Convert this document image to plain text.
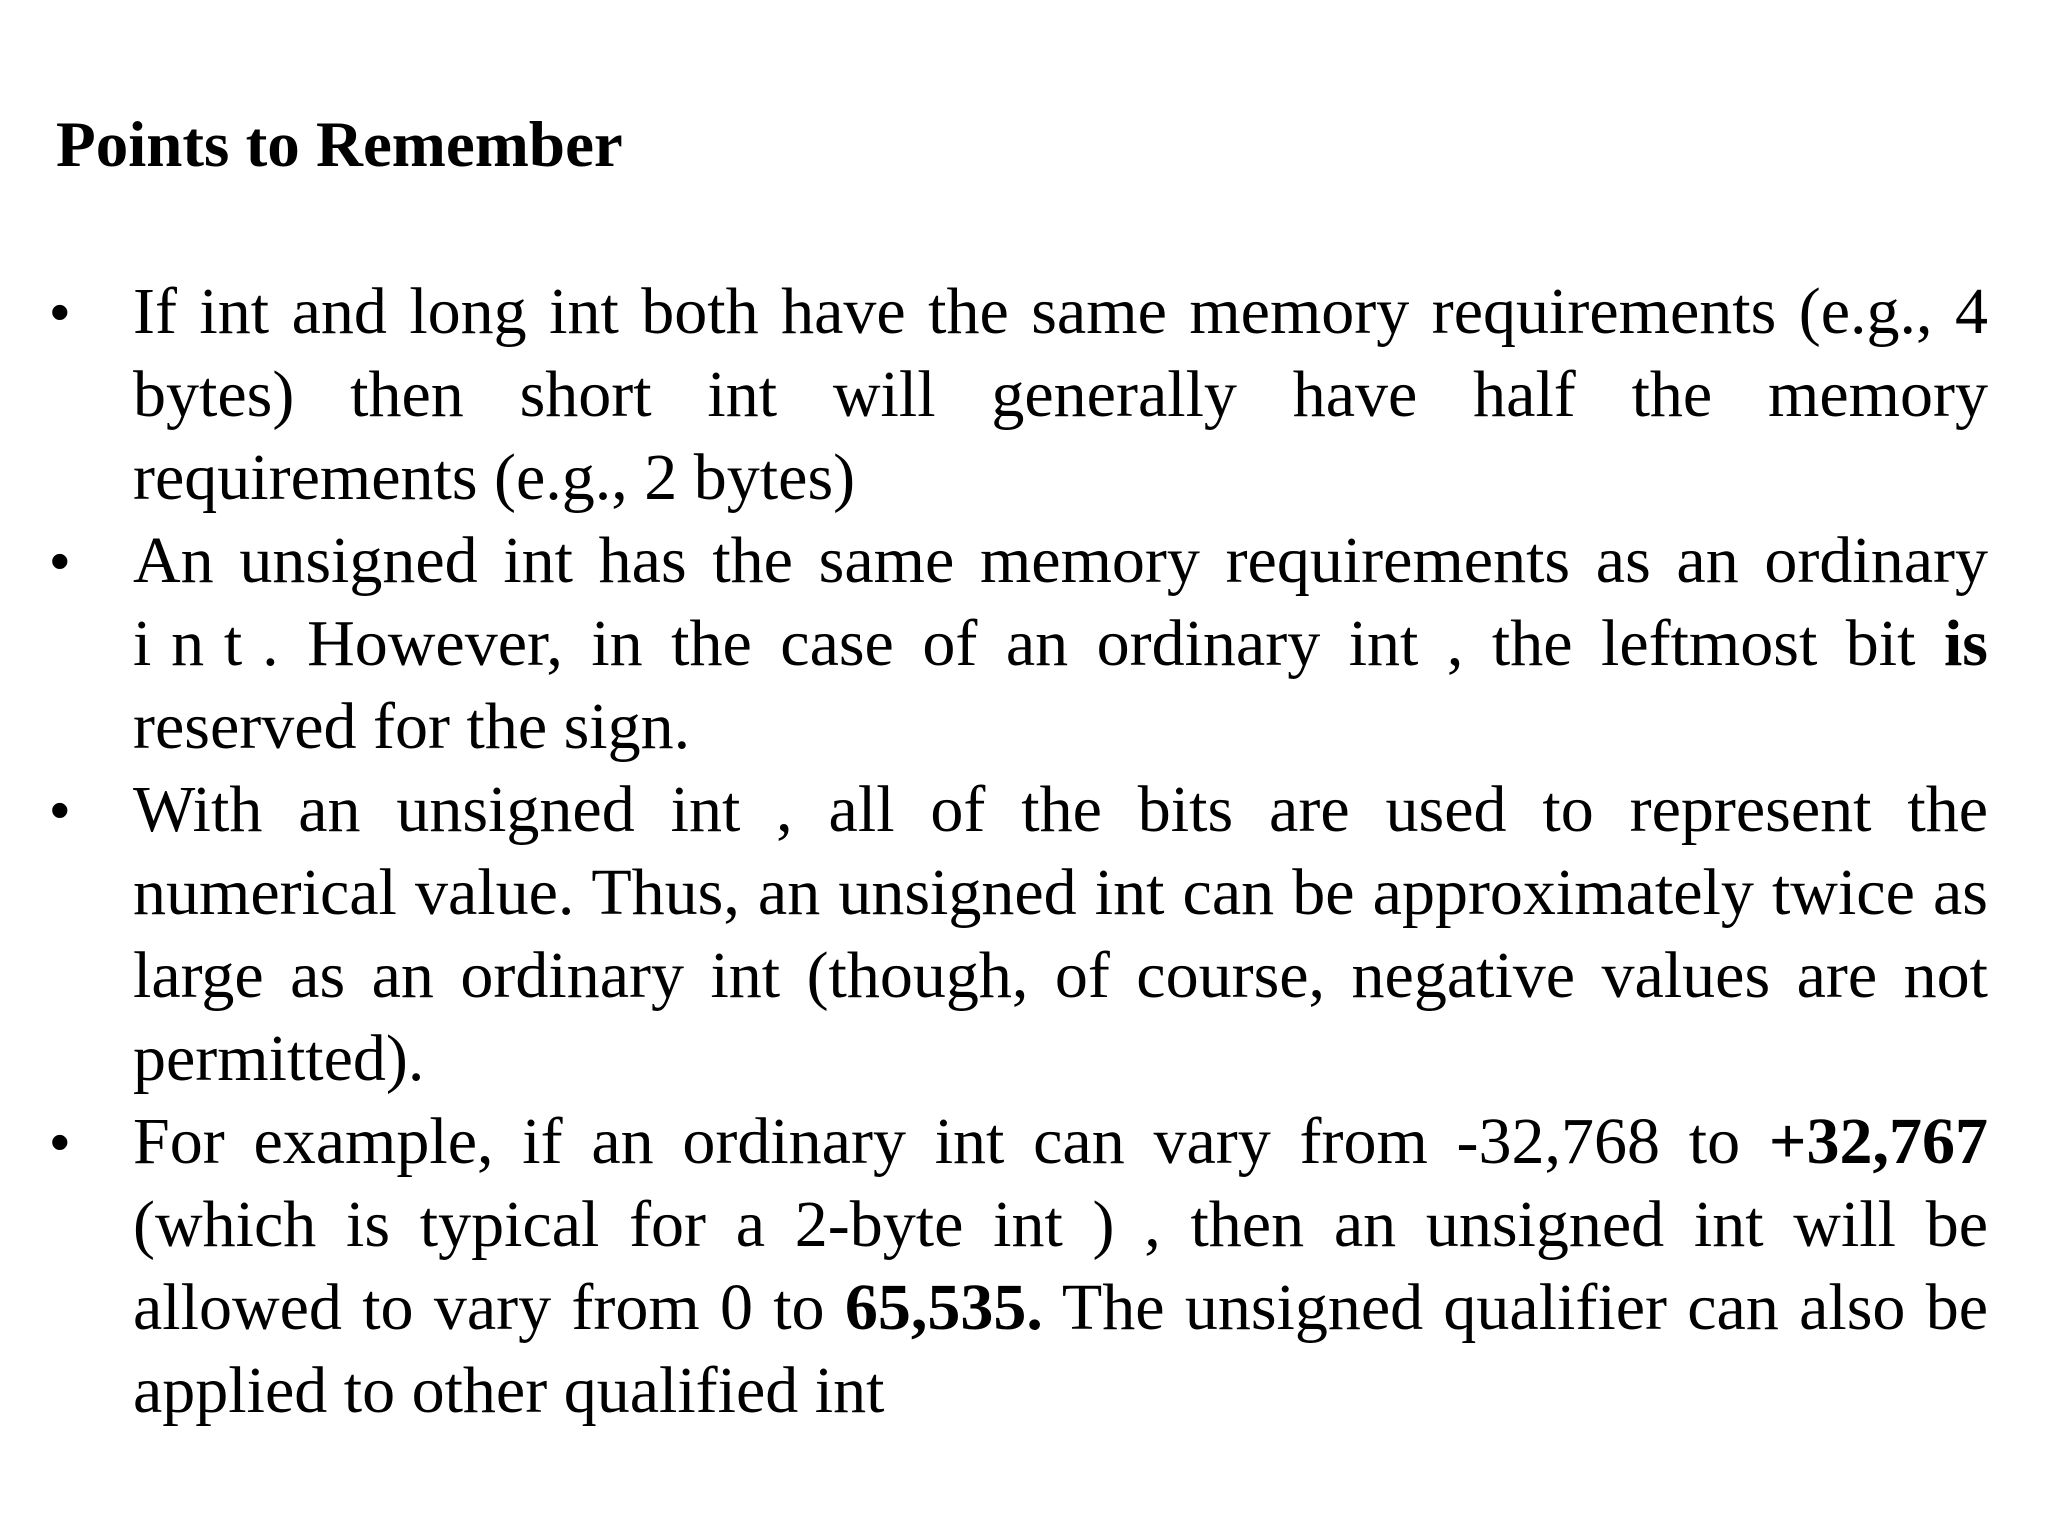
Points to Remember
• If int and long int both have the same memory requirements (e.g., 4 bytes) then short int will generally have half the memory requirements (e.g., 2 bytes)

• An unsigned int has the same memory requirements as an ordinary int. However, in the case of an ordinary int , the leftmost bit is reserved for the sign.

• With an unsigned int , all of the bits are used to represent the numerical value. Thus, an unsigned int can be approximately twice as large as an ordinary int (though, of course, negative values are not permitted).

• For example, if an ordinary int can vary from -32,768 to +32,767 (which is typical for a 2-byte int ) , then an unsigned int will be allowed to vary from 0 to 65,535. The unsigned qualifier can also be applied to other qualified int
